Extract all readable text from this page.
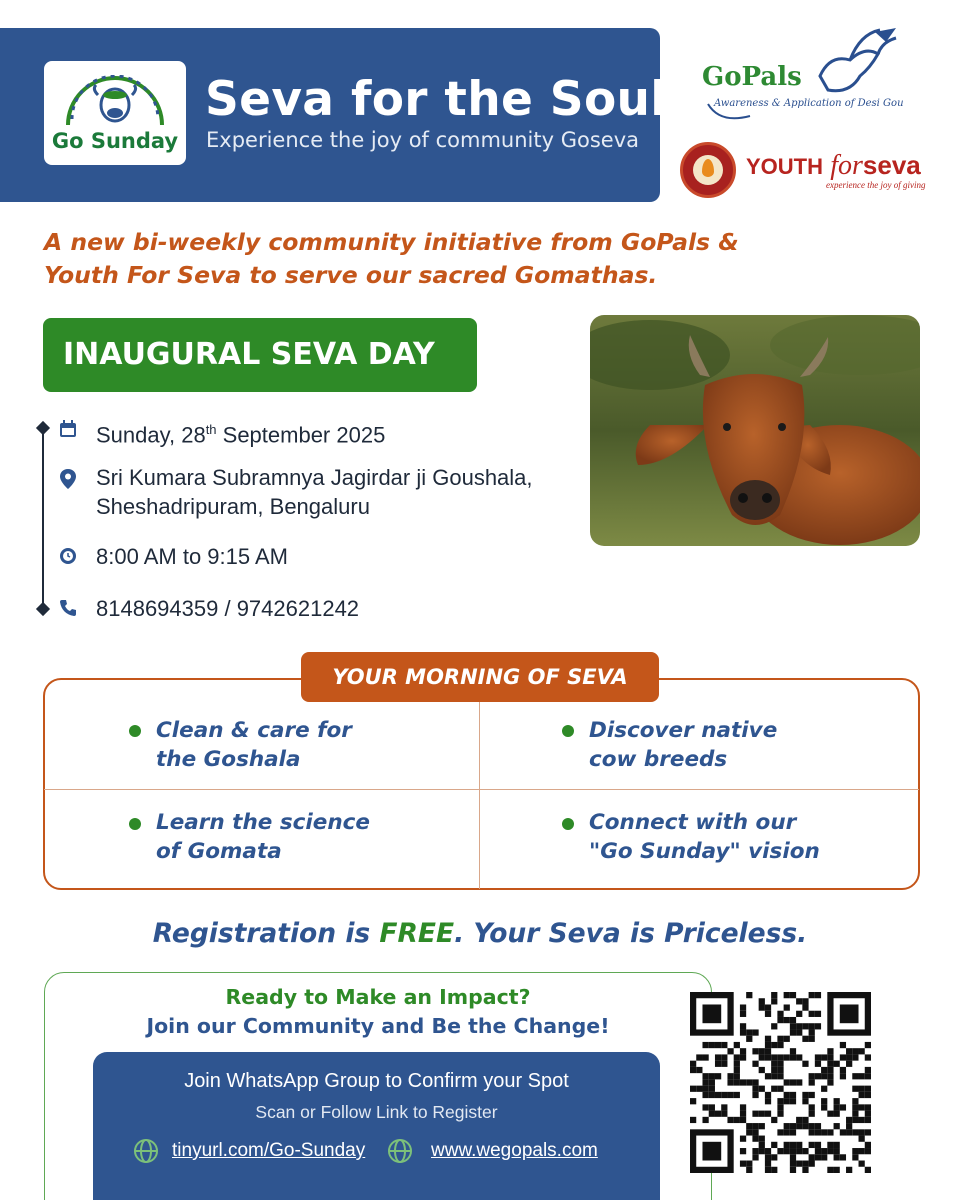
Go Sunday
Seva for the Soul
Experience the joy of community Goseva
GoPals
Awareness & Application of Desi Gou
YOUTH forseva
experience the joy of giving
A new bi-weekly community initiative from GoPals & Youth For Seva to serve our sacred Gomathas.
INAUGURAL SEVA DAY
Sunday, 28th September 2025
Sri Kumara Subramnya Jagirdar ji Goushala,
Sheshadripuram, Bengaluru
8:00 AM to 9:15 AM
8148694359 / 9742621242
YOUR MORNING OF SEVA
Clean & care for
the Goshala
Discover native
cow breeds
Learn the science
of Gomata
Connect with our
"Go Sunday" vision
Registration is FREE. Your Seva is Priceless.
Ready to Make an Impact?
Join our Community and Be the Change!
Join WhatsApp Group to Confirm your Spot
Scan or Follow Link to Register
tinyurl.com/Go-Sunday	www.wegopals.com
